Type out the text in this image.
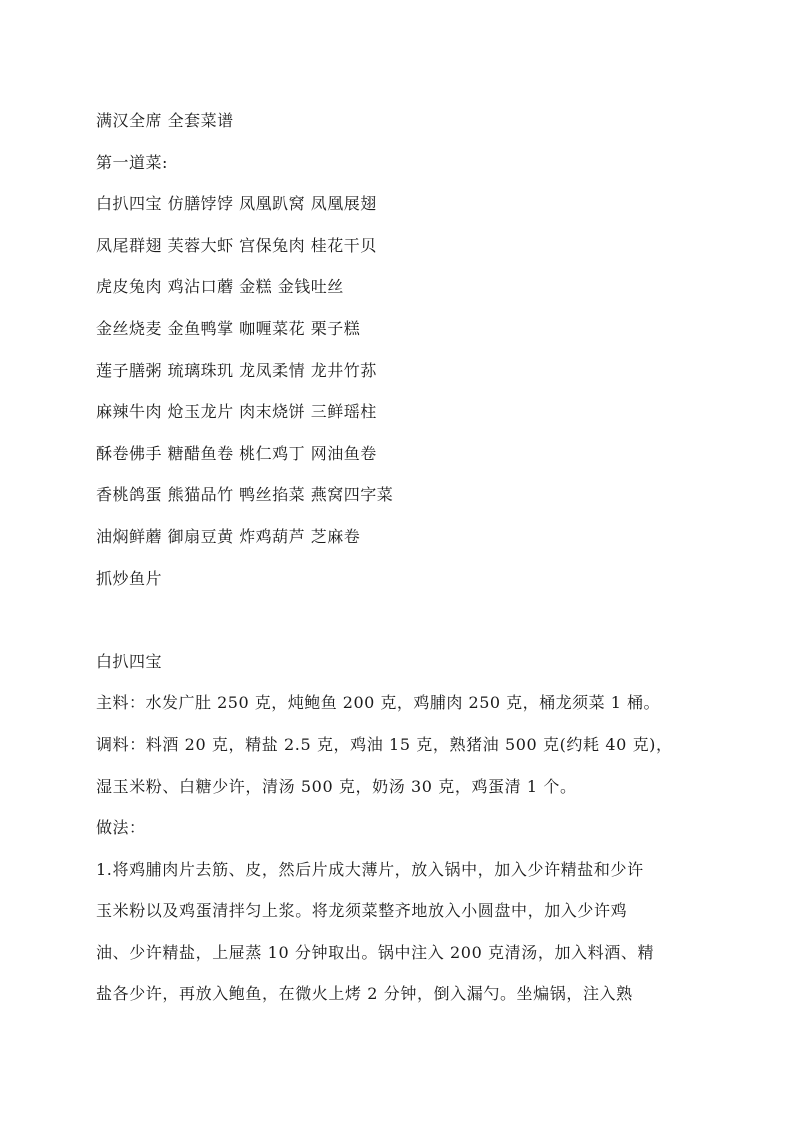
满汉全席 全套菜谱
第一道菜:
白扒四宝 仿膳饽饽 凤凰趴窝 凤凰展翅
凤尾群翅 芙蓉大虾 宫保兔肉 桂花干贝
虎皮兔肉 鸡沾口蘑 金糕 金钱吐丝
金丝烧麦 金鱼鸭掌 咖喱菜花 栗子糕
莲子膳粥 琉璃珠玑 龙凤柔情 龙井竹荪
麻辣牛肉 炝玉龙片 肉末烧饼 三鲜瑶柱
酥卷佛手 糖醋鱼卷 桃仁鸡丁 网油鱼卷
香桃鸽蛋 熊猫品竹 鸭丝掐菜 燕窝四字菜
油焖鲜蘑 御扇豆黄 炸鸡葫芦 芝麻卷
抓炒鱼片
白扒四宝
主料：水发广肚 250 克，炖鲍鱼 200 克，鸡脯肉 250 克，桶龙须菜 1 桶。
调料：料酒 20 克，精盐 2.5 克，鸡油 15 克，熟猪油 500 克(约耗 40 克)，
湿玉米粉、白糖少许，清汤 500 克，奶汤 30 克，鸡蛋清 1 个。
做法：
1.将鸡脯肉片去筋、皮，然后片成大薄片，放入锅中，加入少许精盐和少许
玉米粉以及鸡蛋清拌匀上浆。将龙须菜整齐地放入小圆盘中，加入少许鸡
油、少许精盐，上屉蒸 10 分钟取出。锅中注入 200 克清汤，加入料酒、精
盐各少许，再放入鲍鱼，在微火上烤 2 分钟，倒入漏勺。坐煸锅，注入熟
